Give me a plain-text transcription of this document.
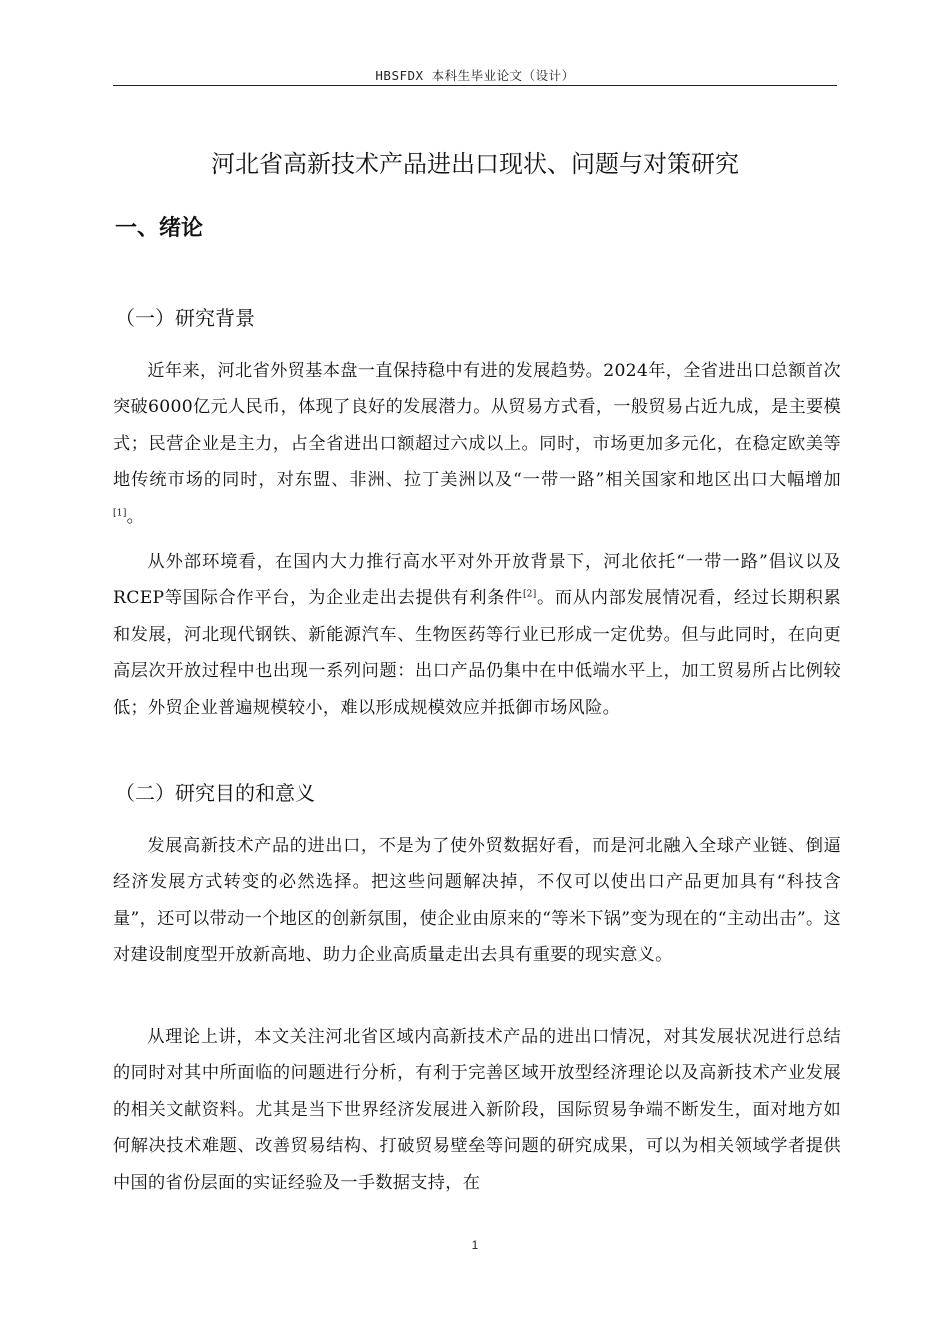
HBSFDX 本科生毕业论文（设计）
河北省高新技术产品进出口现状、问题与对策研究
一、绪论
（一）研究背景

近年来，河北省外贸基本盘一直保持稳中有进的发展趋势。2024年，全省进出口总额首次突破6000亿元人民币，体现了良好的发展潜力。从贸易方式看，一般贸易占近九成，是主要模式；民营企业是主力，占全省进出口额超过六成以上。同时，市场更加多元化，在稳定欧美等地传统市场的同时，对东盟、非洲、拉丁美洲以及“一带一路”相关国家和地区出口大幅增加[1]。

从外部环境看，在国内大力推行高水平对外开放背景下，河北依托“一带一路”倡议以及RCEP等国际合作平台，为企业走出去提供有利条件[2]。而从内部发展情况看，经过长期积累和发展，河北现代钢铁、新能源汽车、生物医药等行业已形成一定优势。但与此同时，在向更高层次开放过程中也出现一系列问题：出口产品仍集中在中低端水平上，加工贸易所占比例较低；外贸企业普遍规模较小，难以形成规模效应并抵御市场风险。

（二）研究目的和意义

发展高新技术产品的进出口，不是为了使外贸数据好看，而是河北融入全球产业链、倒逼经济发展方式转变的必然选择。把这些问题解决掉，不仅可以使出口产品更加具有“科技含量”，还可以带动一个地区的创新氛围，使企业由原来的“等米下锅”变为现在的“主动出击”。这对建设制度型开放新高地、助力企业高质量走出去具有重要的现实意义。

从理论上讲，本文关注河北省区域内高新技术产品的进出口情况，对其发展状况进行总结的同时对其中所面临的问题进行分析，有利于完善区域开放型经济理论以及高新技术产业发展的相关文献资料。尤其是当下世界经济发展进入新阶段，国际贸易争端不断发生，面对地方如何解决技术难题、改善贸易结构、打破贸易壁垒等问题的研究成果，可以为相关领域学者提供中国的省份层面的实证经验及一手数据支持，在

1
